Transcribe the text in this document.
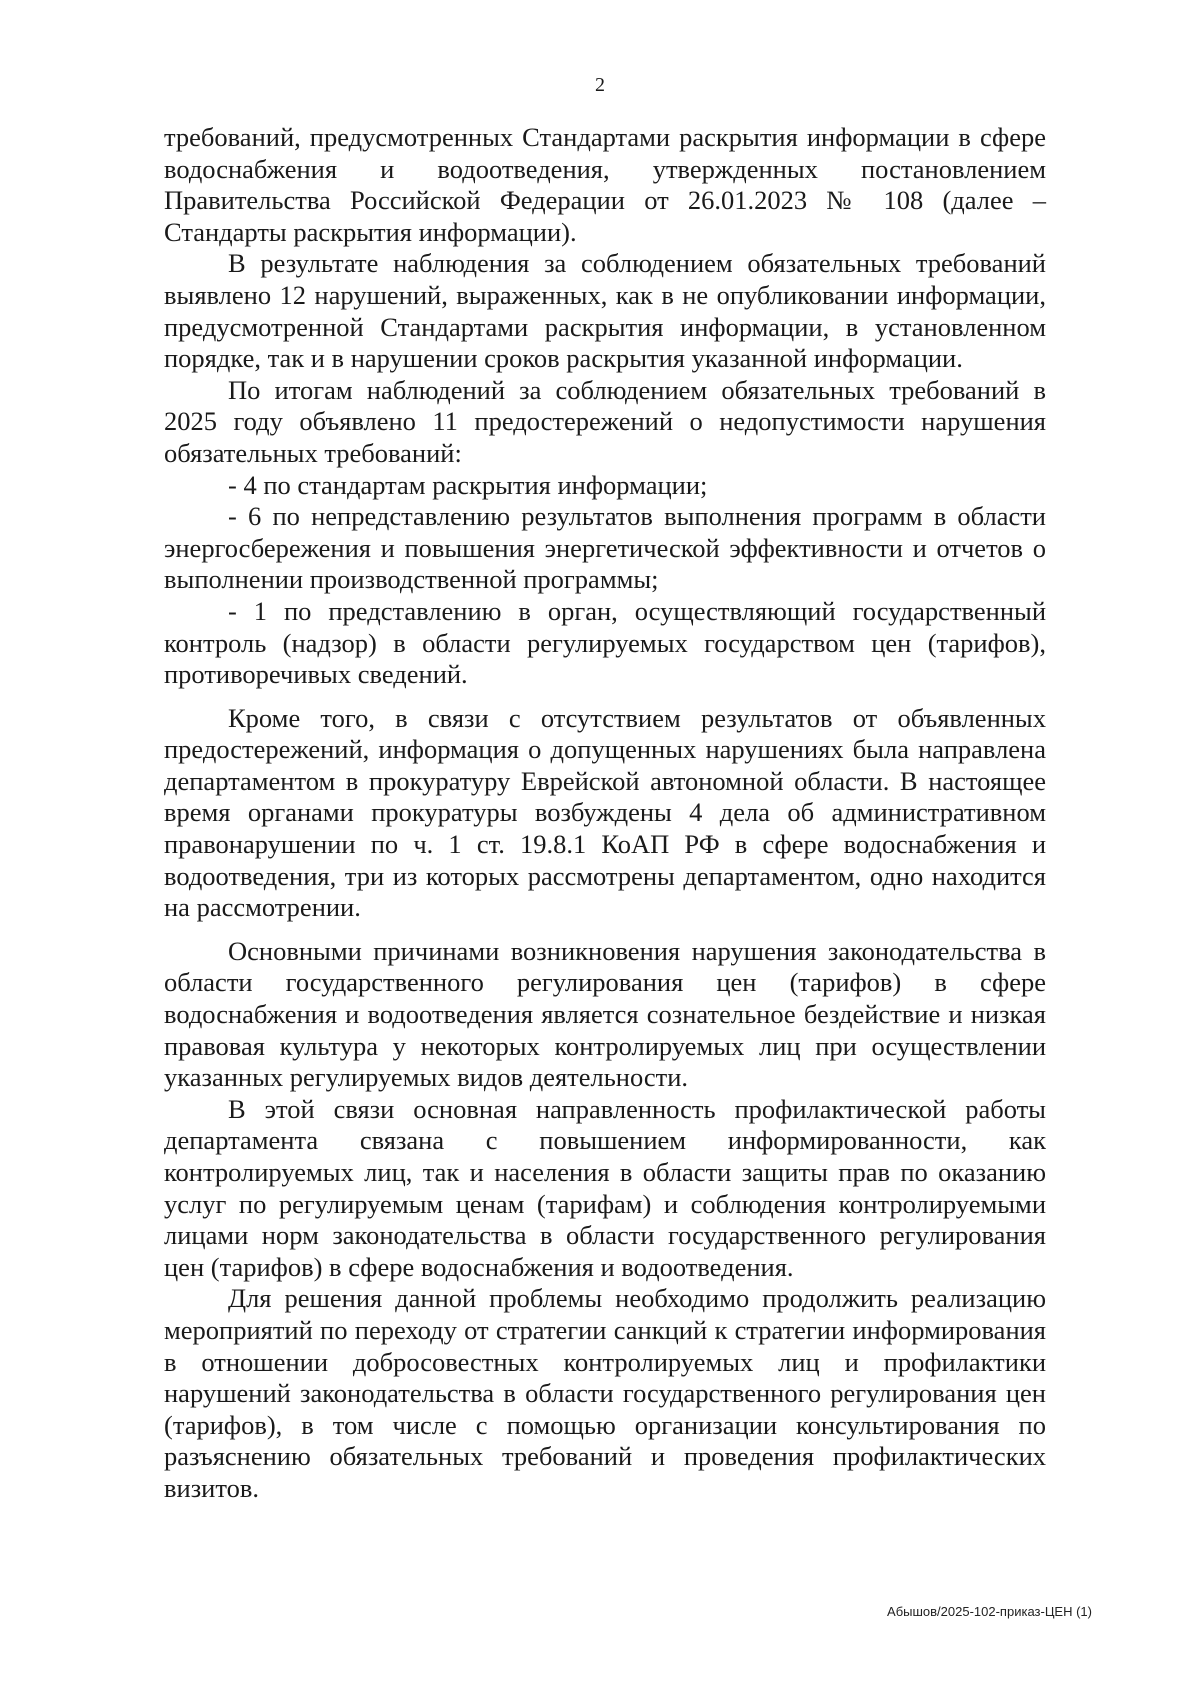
2

требований, предусмотренных Стандартами раскрытия информации в сфере водоснабжения и водоотведения, утвержденных постановлением Правительства Российской Федерации от 26.01.2023 № 108 (далее – Стандарты раскрытия информации).

В результате наблюдения за соблюдением обязательных требований выявлено 12 нарушений, выраженных, как в не опубликовании информации, предусмотренной Стандартами раскрытия информации, в установленном порядке, так и в нарушении сроков раскрытия указанной информации.

По итогам наблюдений за соблюдением обязательных требований в 2025 году объявлено 11 предостережений о недопустимости нарушения обязательных требований:

- 4 по стандартам раскрытия информации;

- 6 по непредставлению результатов выполнения программ в области энергосбережения и повышения энергетической эффективности и отчетов о выполнении производственной программы;

- 1 по представлению в орган, осуществляющий государственный контроль (надзор) в области регулируемых государством цен (тарифов), противоречивых сведений.

Кроме того, в связи с отсутствием результатов от объявленных предостережений, информация о допущенных нарушениях была направлена департаментом в прокуратуру Еврейской автономной области. В настоящее время органами прокуратуры возбуждены 4 дела об административном правонарушении по ч. 1 ст. 19.8.1 КоАП РФ в сфере водоснабжения и водоотведения, три из которых рассмотрены департаментом, одно находится на рассмотрении.

Основными причинами возникновения нарушения законодательства в области государственного регулирования цен (тарифов) в сфере водоснабжения и водоотведения является сознательное бездействие и низкая правовая культура у некоторых контролируемых лиц при осуществлении указанных регулируемых видов деятельности.

В этой связи основная направленность профилактической работы департамента связана с повышением информированности, как контролируемых лиц, так и населения в области защиты прав по оказанию услуг по регулируемым ценам (тарифам) и соблюдения контролируемыми лицами норм законодательства в области государственного регулирования цен (тарифов) в сфере водоснабжения и водоотведения.

Для решения данной проблемы необходимо продолжить реализацию мероприятий по переходу от стратегии санкций к стратегии информирования в отношении добросовестных контролируемых лиц и профилактики нарушений законодательства в области государственного регулирования цен (тарифов), в том числе с помощью организации консультирования по разъяснению обязательных требований и проведения профилактических визитов.

Абышов/2025-102-приказ-ЦЕН (1)
